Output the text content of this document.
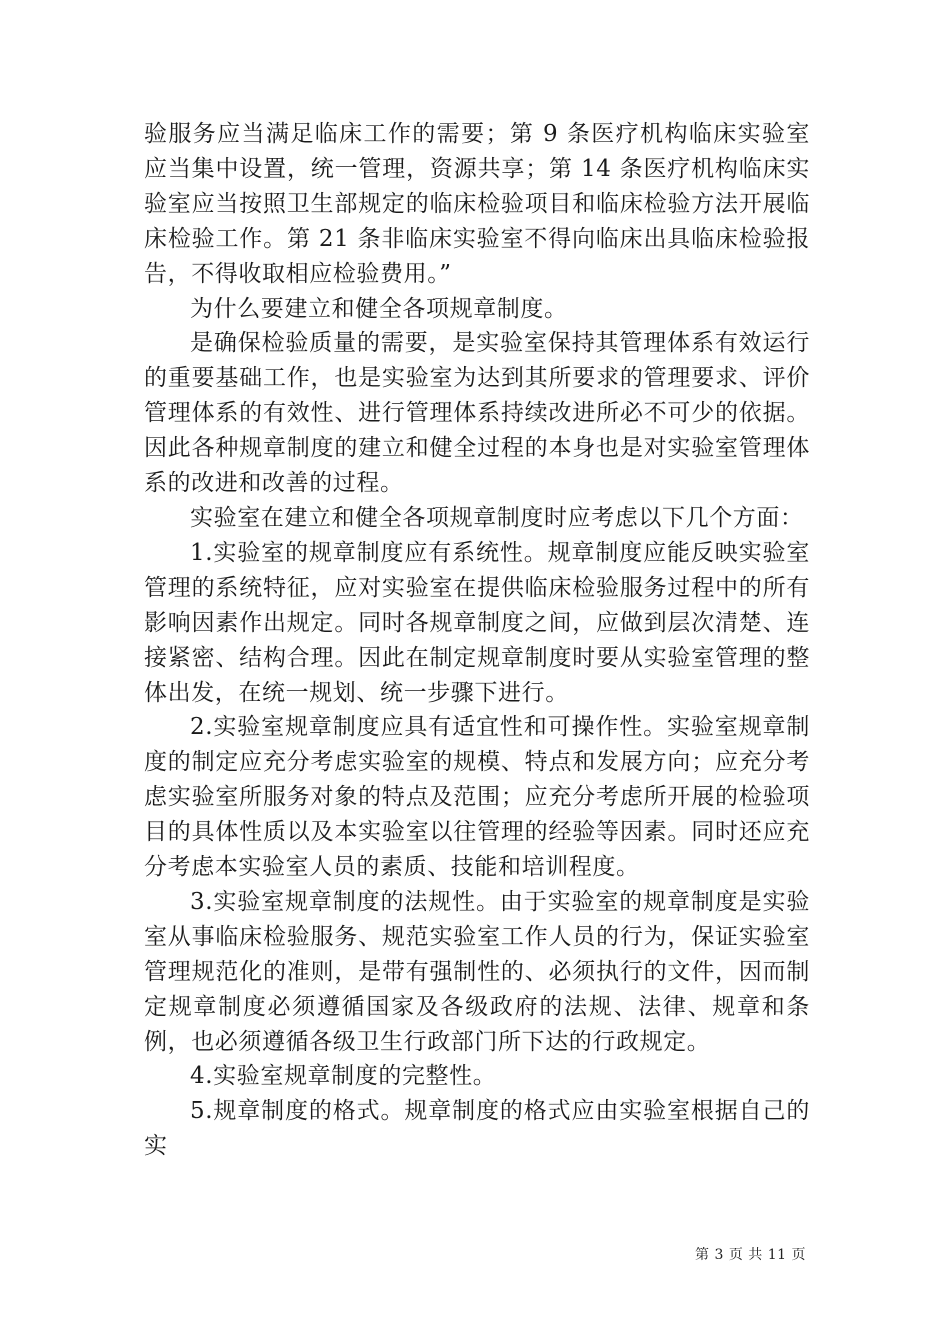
验服务应当满足临床工作的需要；第 9 条医疗机构临床实验室应当集中设置，统一管理，资源共享；第 14 条医疗机构临床实验室应当按照卫生部规定的临床检验项目和临床检验方法开展临床检验工作。第 21 条非临床实验室不得向临床出具临床检验报告，不得收取相应检验费用。”

为什么要建立和健全各项规章制度。

是确保检验质量的需要，是实验室保持其管理体系有效运行的重要基础工作，也是实验室为达到其所要求的管理要求、评价管理体系的有效性、进行管理体系持续改进所必不可少的依据。因此各种规章制度的建立和健全过程的本身也是对实验室管理体系的改进和改善的过程。

实验室在建立和健全各项规章制度时应考虑以下几个方面：

1.实验室的规章制度应有系统性。规章制度应能反映实验室管理的系统特征，应对实验室在提供临床检验服务过程中的所有影响因素作出规定。同时各规章制度之间，应做到层次清楚、连接紧密、结构合理。因此在制定规章制度时要从实验室管理的整体出发，在统一规划、统一步骤下进行。

2.实验室规章制度应具有适宜性和可操作性。实验室规章制度的制定应充分考虑实验室的规模、特点和发展方向；应充分考虑实验室所服务对象的特点及范围；应充分考虑所开展的检验项目的具体性质以及本实验室以往管理的经验等因素。同时还应充分考虑本实验室人员的素质、技能和培训程度。

3.实验室规章制度的法规性。由于实验室的规章制度是实验室从事临床检验服务、规范实验室工作人员的行为，保证实验室管理规范化的准则，是带有强制性的、必须执行的文件，因而制定规章制度必须遵循国家及各级政府的法规、法律、规章和条例，也必须遵循各级卫生行政部门所下达的行政规定。

4.实验室规章制度的完整性。

5.规章制度的格式。规章制度的格式应由实验室根据自己的实

第 3 页 共 11 页
